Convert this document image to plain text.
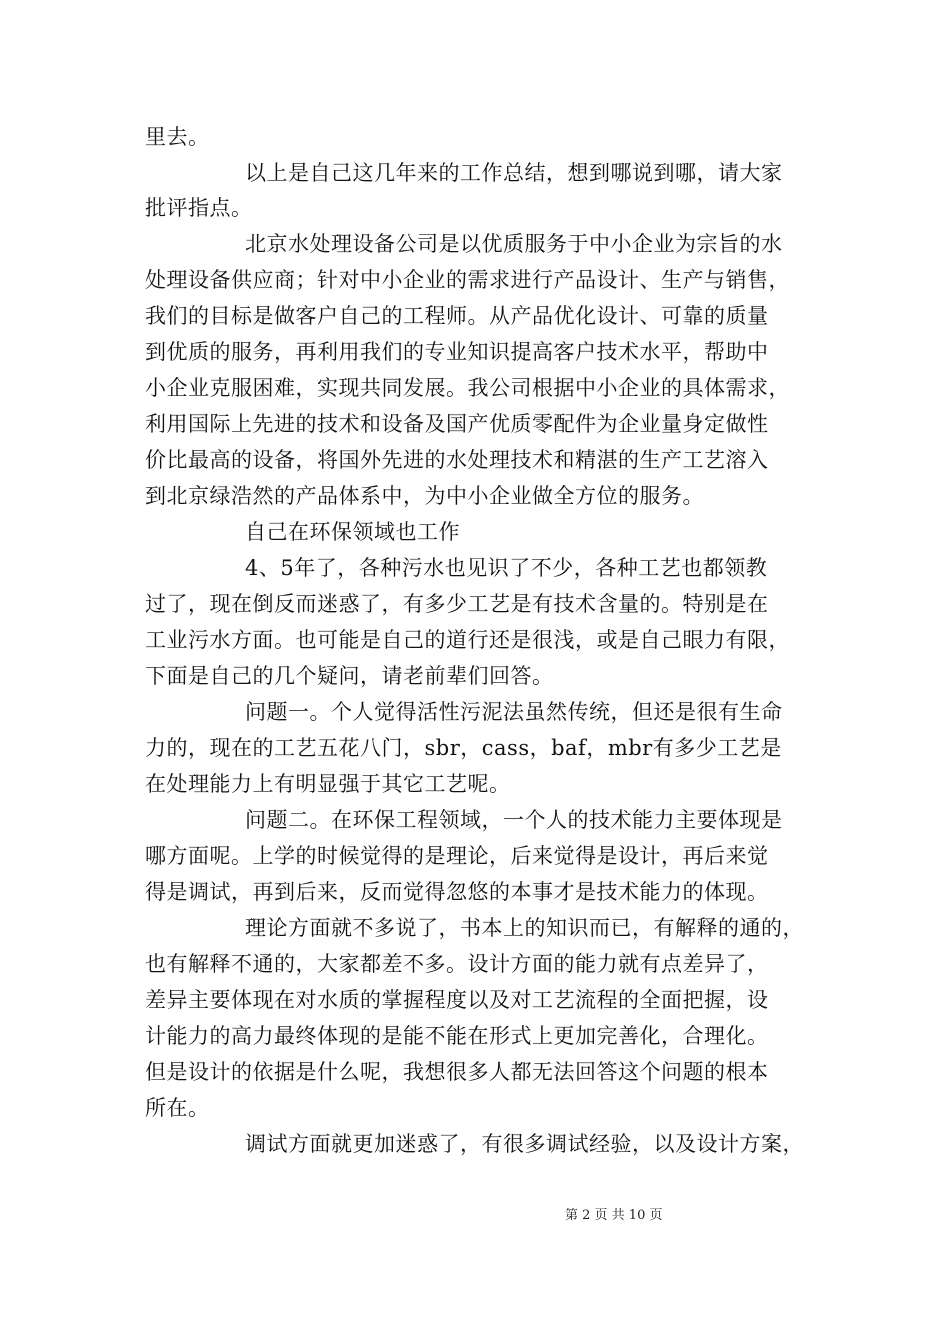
里去。
以上是自己这几年来的工作总结，想到哪说到哪，请大家
批评指点。
北京水处理设备公司是以优质服务于中小企业为宗旨的水
处理设备供应商；针对中小企业的需求进行产品设计、生产与销售，
我们的目标是做客户自己的工程师。从产品优化设计、可靠的质量
到优质的服务，再利用我们的专业知识提高客户技术水平，帮助中
小企业克服困难，实现共同发展。我公司根据中小企业的具体需求，
利用国际上先进的技术和设备及国产优质零配件为企业量身定做性
价比最高的设备，将国外先进的水处理技术和精湛的生产工艺溶入
到北京绿浩然的产品体系中，为中小企业做全方位的服务。
自己在环保领域也工作
4、5年了，各种污水也见识了不少，各种工艺也都领教
过了，现在倒反而迷惑了，有多少工艺是有技术含量的。特别是在
工业污水方面。也可能是自己的道行还是很浅，或是自己眼力有限，
下面是自己的几个疑问，请老前辈们回答。
问题一。个人觉得活性污泥法虽然传统，但还是很有生命
力的，现在的工艺五花八门，sbr，cass，baf，mbr有多少工艺是
在处理能力上有明显强于其它工艺呢。
问题二。在环保工程领域，一个人的技术能力主要体现是
哪方面呢。上学的时候觉得的是理论，后来觉得是设计，再后来觉
得是调试，再到后来，反而觉得忽悠的本事才是技术能力的体现。
理论方面就不多说了，书本上的知识而已，有解释的通的，
也有解释不通的，大家都差不多。设计方面的能力就有点差异了，
差异主要体现在对水质的掌握程度以及对工艺流程的全面把握，设
计能力的高力最终体现的是能不能在形式上更加完善化，合理化。
但是设计的依据是什么呢，我想很多人都无法回答这个问题的根本
所在。
调试方面就更加迷惑了，有很多调试经验，以及设计方案，
第 2 页 共 10 页
